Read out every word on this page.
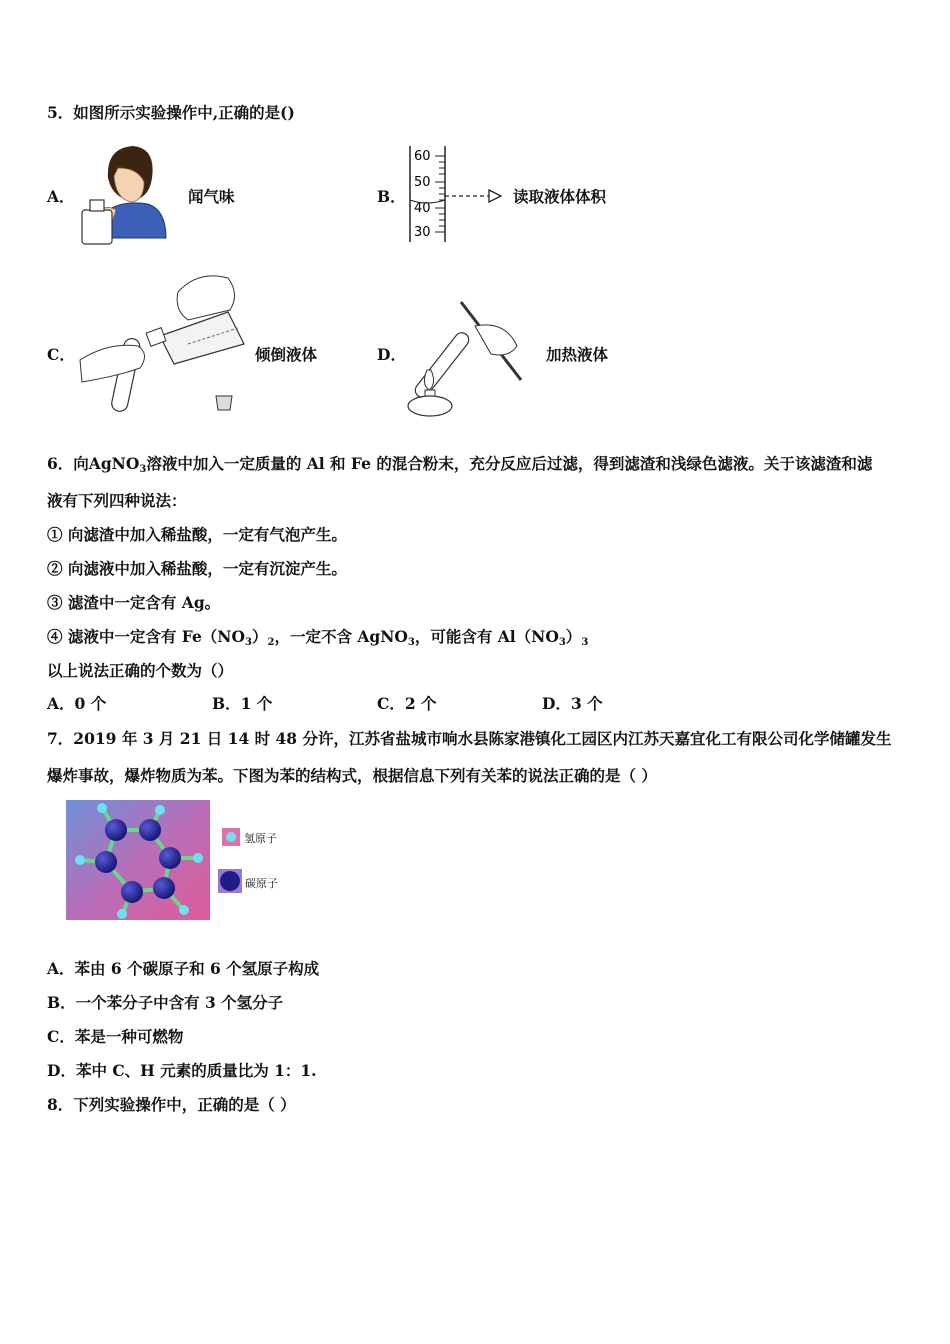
5．如图所示实验操作中,正确的是()
A．	闻气味	B．
60
50
40
30
读取液体体积
C．	倾倒液体	D．	加热液体
6．向AgNO$_3$溶液中加入一定质量的 Al 和 Fe 的混合粉末，充分反应后过滤，得到滤渣和浅绿色滤液。关于该滤渣和滤
液有下列四种说法：
① 向滤渣中加入稀盐酸，一定有气泡产生。
② 向滤液中加入稀盐酸，一定有沉淀产生。
③ 滤渣中一定含有 Ag。
④ 滤液中一定含有 $Fe(NO_3)_2$，一定不含 AgNO$_3$，可能含有 $Al(NO_3)_3$
以上说法正确的个数为（）
A．0 个	B．1 个	C．2 个	D．3 个
7．2019 年 3 月 21 日 14 时 48 分许，江苏省盐城市响水县陈家港镇化工园区内江苏天嘉宜化工有限公司化学储罐发生
爆炸事故，爆炸物质为苯。下图为苯的结构式，根据信息下列有关苯的说法正确的是（ ）
氢原子
碳原子
A．苯由 6 个碳原子和 6 个氢原子构成
B．一个苯分子中含有 3 个氢分子
C．苯是一种可燃物
D．苯中 C、H 元素的质量比为 1：1.
8．下列实验操作中，正确的是（ ）
